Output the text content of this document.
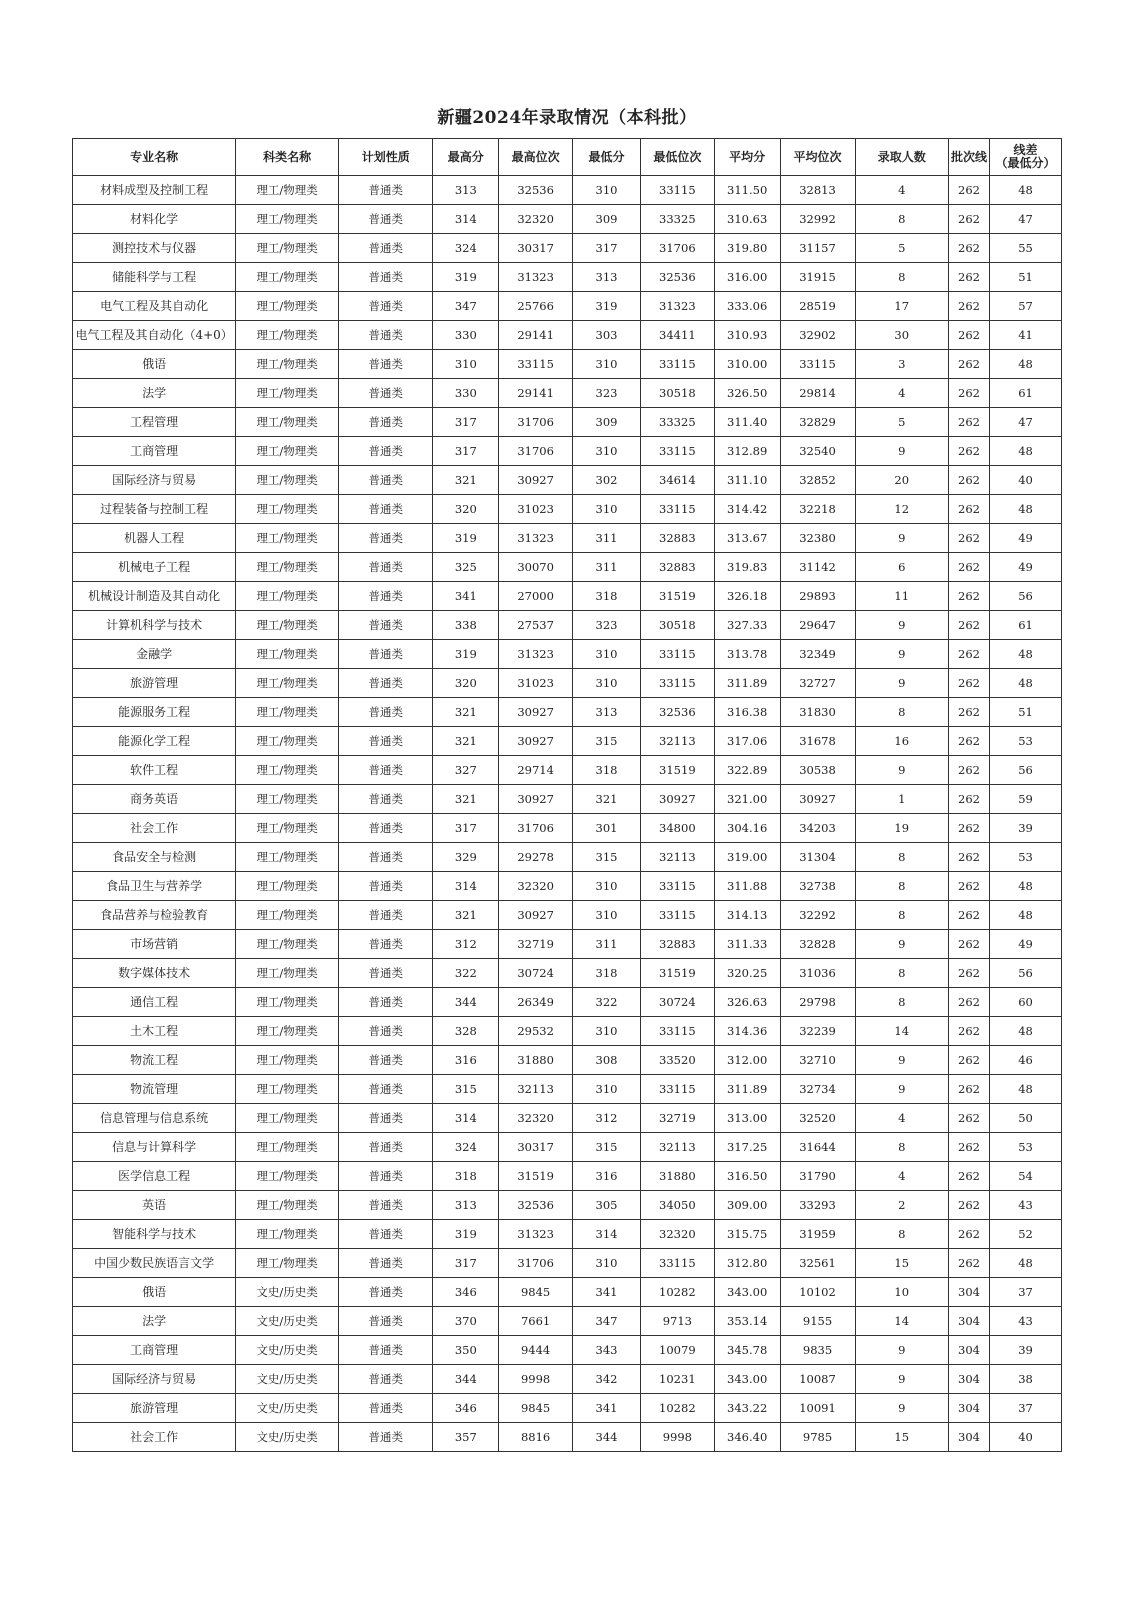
新疆2024年录取情况（本科批）
专业名称	科类名称	计划性质	最高分	最高位次	最低分	最低位次	平均分	平均位次	录取人数	批次线	线差
（最低分）

材料成型及控制工程	理工/物理类	普通类	313	32536	310	33115	311.50	32813	4	262	48
材料化学	理工/物理类	普通类	314	32320	309	33325	310.63	32992	8	262	47
测控技术与仪器	理工/物理类	普通类	324	30317	317	31706	319.80	31157	5	262	55
储能科学与工程	理工/物理类	普通类	319	31323	313	32536	316.00	31915	8	262	51
电气工程及其自动化	理工/物理类	普通类	347	25766	319	31323	333.06	28519	17	262	57
电气工程及其自动化（4+0）	理工/物理类	普通类	330	29141	303	34411	310.93	32902	30	262	41
俄语	理工/物理类	普通类	310	33115	310	33115	310.00	33115	3	262	48
法学	理工/物理类	普通类	330	29141	323	30518	326.50	29814	4	262	61
工程管理	理工/物理类	普通类	317	31706	309	33325	311.40	32829	5	262	47
工商管理	理工/物理类	普通类	317	31706	310	33115	312.89	32540	9	262	48
国际经济与贸易	理工/物理类	普通类	321	30927	302	34614	311.10	32852	20	262	40
过程装备与控制工程	理工/物理类	普通类	320	31023	310	33115	314.42	32218	12	262	48
机器人工程	理工/物理类	普通类	319	31323	311	32883	313.67	32380	9	262	49
机械电子工程	理工/物理类	普通类	325	30070	311	32883	319.83	31142	6	262	49
机械设计制造及其自动化	理工/物理类	普通类	341	27000	318	31519	326.18	29893	11	262	56
计算机科学与技术	理工/物理类	普通类	338	27537	323	30518	327.33	29647	9	262	61
金融学	理工/物理类	普通类	319	31323	310	33115	313.78	32349	9	262	48
旅游管理	理工/物理类	普通类	320	31023	310	33115	311.89	32727	9	262	48
能源服务工程	理工/物理类	普通类	321	30927	313	32536	316.38	31830	8	262	51
能源化学工程	理工/物理类	普通类	321	30927	315	32113	317.06	31678	16	262	53
软件工程	理工/物理类	普通类	327	29714	318	31519	322.89	30538	9	262	56
商务英语	理工/物理类	普通类	321	30927	321	30927	321.00	30927	1	262	59
社会工作	理工/物理类	普通类	317	31706	301	34800	304.16	34203	19	262	39
食品安全与检测	理工/物理类	普通类	329	29278	315	32113	319.00	31304	8	262	53
食品卫生与营养学	理工/物理类	普通类	314	32320	310	33115	311.88	32738	8	262	48
食品营养与检验教育	理工/物理类	普通类	321	30927	310	33115	314.13	32292	8	262	48
市场营销	理工/物理类	普通类	312	32719	311	32883	311.33	32828	9	262	49
数字媒体技术	理工/物理类	普通类	322	30724	318	31519	320.25	31036	8	262	56
通信工程	理工/物理类	普通类	344	26349	322	30724	326.63	29798	8	262	60
土木工程	理工/物理类	普通类	328	29532	310	33115	314.36	32239	14	262	48
物流工程	理工/物理类	普通类	316	31880	308	33520	312.00	32710	9	262	46
物流管理	理工/物理类	普通类	315	32113	310	33115	311.89	32734	9	262	48
信息管理与信息系统	理工/物理类	普通类	314	32320	312	32719	313.00	32520	4	262	50
信息与计算科学	理工/物理类	普通类	324	30317	315	32113	317.25	31644	8	262	53
医学信息工程	理工/物理类	普通类	318	31519	316	31880	316.50	31790	4	262	54
英语	理工/物理类	普通类	313	32536	305	34050	309.00	33293	2	262	43
智能科学与技术	理工/物理类	普通类	319	31323	314	32320	315.75	31959	8	262	52
中国少数民族语言文学	理工/物理类	普通类	317	31706	310	33115	312.80	32561	15	262	48
俄语	文史/历史类	普通类	346	9845	341	10282	343.00	10102	10	304	37
法学	文史/历史类	普通类	370	7661	347	9713	353.14	9155	14	304	43
工商管理	文史/历史类	普通类	350	9444	343	10079	345.78	9835	9	304	39
国际经济与贸易	文史/历史类	普通类	344	9998	342	10231	343.00	10087	9	304	38
旅游管理	文史/历史类	普通类	346	9845	341	10282	343.22	10091	9	304	37
社会工作	文史/历史类	普通类	357	8816	344	9998	346.40	9785	15	304	40
